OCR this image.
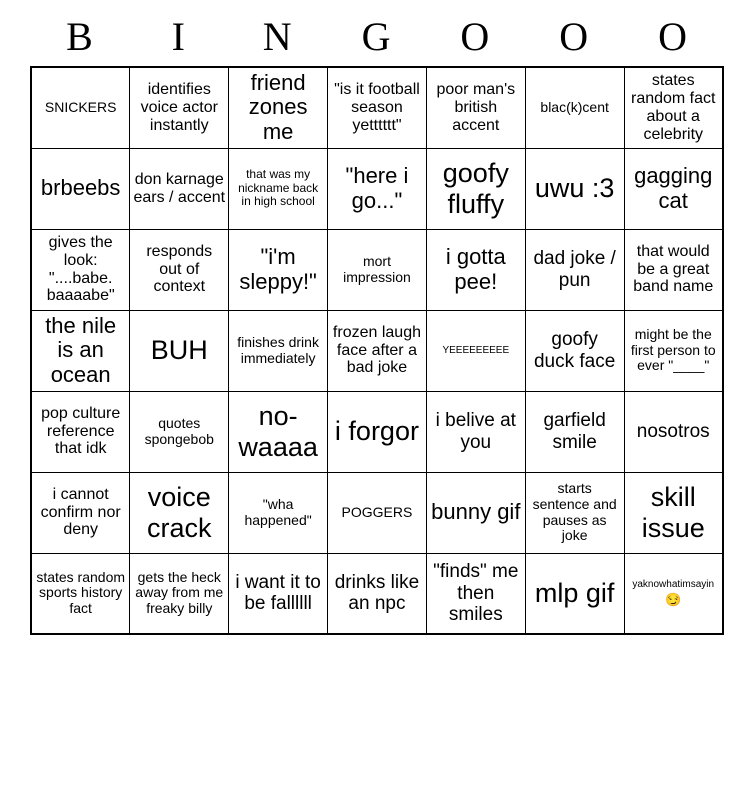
B	I	N	G	O	O	O
SNICKERS	identifies voice actor instantly	friend zones me	"is it football season yetttttt"	poor man's british accent	blac(k)cent	states random fact about a celebrity
brbeebs	don karnage ears / accent	that was my nickname back in high school	"here i go..."	goofy fluffy	uwu :3	gagging cat
gives the look: "....babe. baaaabe"	responds out of context	"i'm sleppy!"	mort impression	i gotta pee!	dad joke / pun	that would be a great band name
the nile is an ocean	BUH	finishes drink immediately	frozen laugh face after a bad joke	YEEEEEEEEE	goofy duck face	might be the first person to ever "____"
pop culture reference that idk	quotes spongebob	no-waaaa	i forgor	i belive at you	garfield smile	nosotros
i cannot confirm nor deny	voice crack	"wha happened"	POGGERS	bunny gif	starts sentence and pauses as joke	skill issue
states random sports history fact	gets the heck away from me freaky billy	i want it to be fallllll	drinks like an npc	"finds" me then smiles	mlp gif	yaknowhatimsayin
😏
